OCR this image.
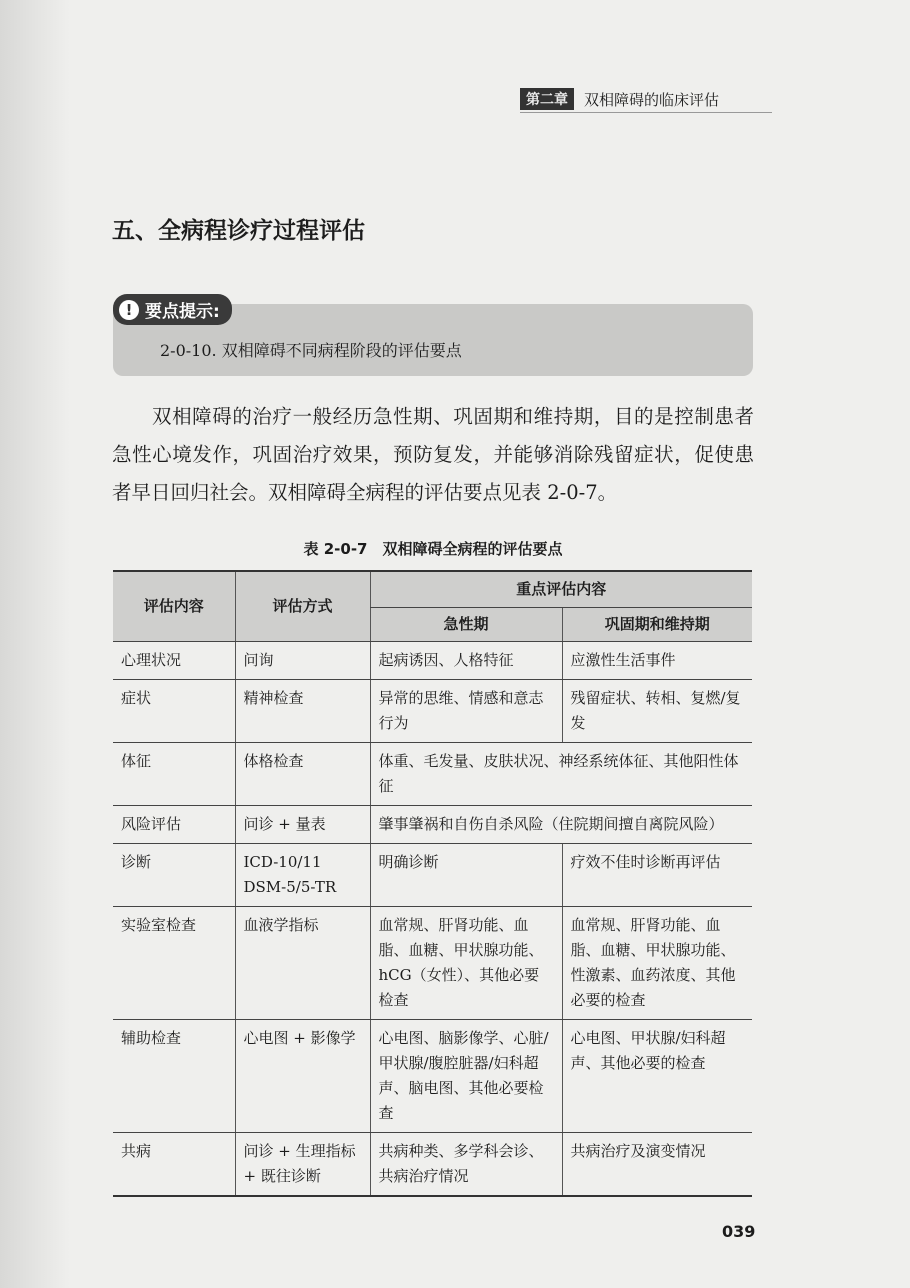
第二章	双相障碍的临床评估
五、全病程诊疗过程评估
! 要点提示:
2-0-10. 双相障碍不同病程阶段的评估要点

双相障碍的治疗一般经历急性期、巩固期和维持期，目的是控制患者急性心境发作，巩固治疗效果，预防复发，并能够消除残留症状，促使患者早日回归社会。双相障碍全病程的评估要点见表 2-0-7。

表 2-0-7　双相障碍全病程的评估要点
评估内容	评估方式	重点评估内容	
		急性期	巩固期和维持期
心理状况	问询	起病诱因、人格特征	应激性生活事件
症状	精神检查	异常的思维、情感和意志行为	残留症状、转相、复燃/复发
体征	体格检查	体重、毛发量、皮肤状况、神经系统体征、其他阳性体征	
风险评估	问诊 + 量表	肇事肇祸和自伤自杀风险（住院期间擅自离院风险）	
诊断	ICD-10/11 DSM-5/5-TR	明确诊断	疗效不佳时诊断再评估
实验室检查	血液学指标	血常规、肝肾功能、血脂、血糖、甲状腺功能、hCG（女性）、其他必要检查	血常规、肝肾功能、血脂、血糖、甲状腺功能、性激素、血药浓度、其他必要的检查
辅助检查	心电图 + 影像学	心电图、脑影像学、心脏/甲状腺/腹腔脏器/妇科超声、脑电图、其他必要检查	心电图、甲状腺/妇科超声、其他必要的检查
共病	问诊 + 生理指标 + 既往诊断	共病种类、多学科会诊、共病治疗情况	共病治疗及演变情况
039
